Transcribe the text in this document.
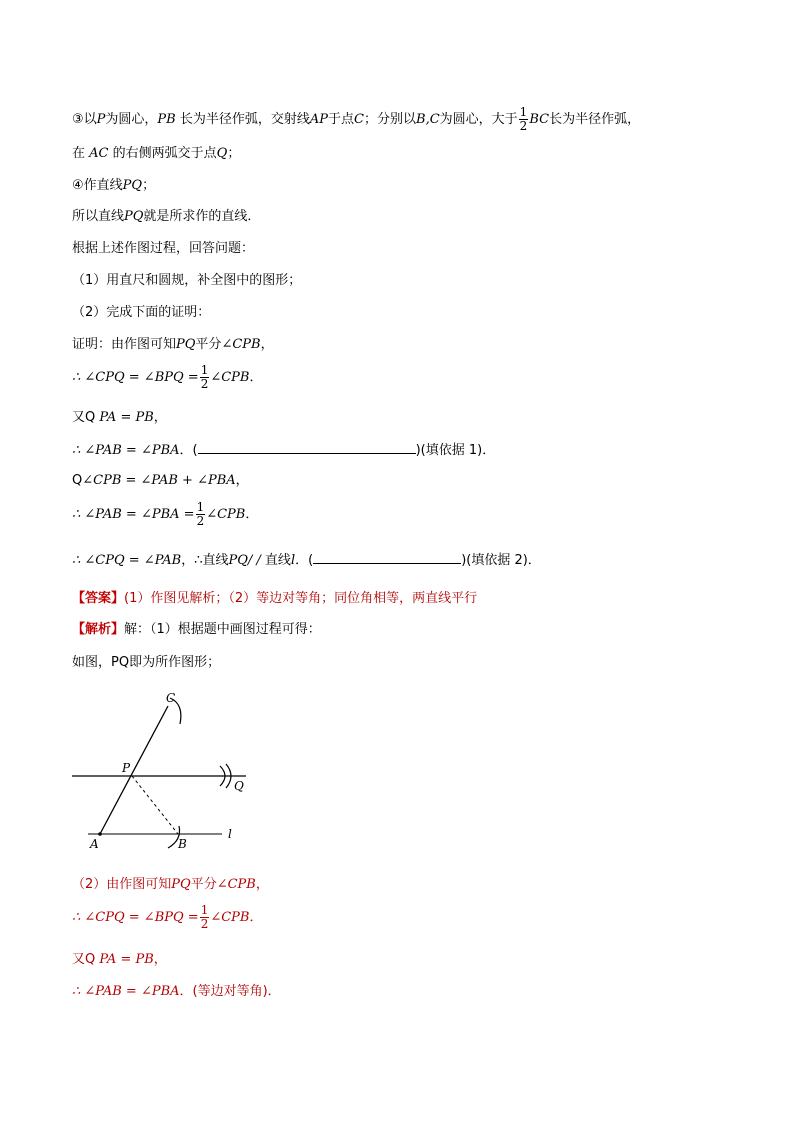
③以P为圆心，PB 长为半径作弧，交射线AP于点C；分别以B,C为圆心，大于 $\frac{1}{2}$ BC长为半径作弧，
在 AC 的右侧两弧交于点Q；
④作直线PQ；
所以直线PQ就是所求作的直线．
根据上述作图过程，回答问题：
（1）用直尺和圆规，补全图中的图形；
（2）完成下面的证明：
证明：由作图可知PQ平分∠CPB，
∴ ∠CPQ = ∠BPQ = $\frac{1}{2}$ ∠CPB．
又Q PA = PB，
∴ ∠PAB = ∠PBA．(	)(填依据 1)．
Q∠CPB = ∠PAB + ∠PBA，
∴ ∠PAB = ∠PBA = $\frac{1}{2}$ ∠CPB．
∴ ∠CPQ = ∠PAB，∴直线PQ/ / 直线l．(	)(填依据 2)．
【答案】(1）作图见解析；（2）等边对等角；同位角相等，两直线平行
【解析】解：（1）根据题中画图过程可得：
如图，PQ即为所作图形；
C
P
Q
A	B
l
（2）由作图可知PQ平分∠CPB，
∴ ∠CPQ = ∠BPQ = $\frac{1}{2}$ ∠CPB．
又Q PA = PB，
∴ ∠PAB = ∠PBA．(等边对等角)．
